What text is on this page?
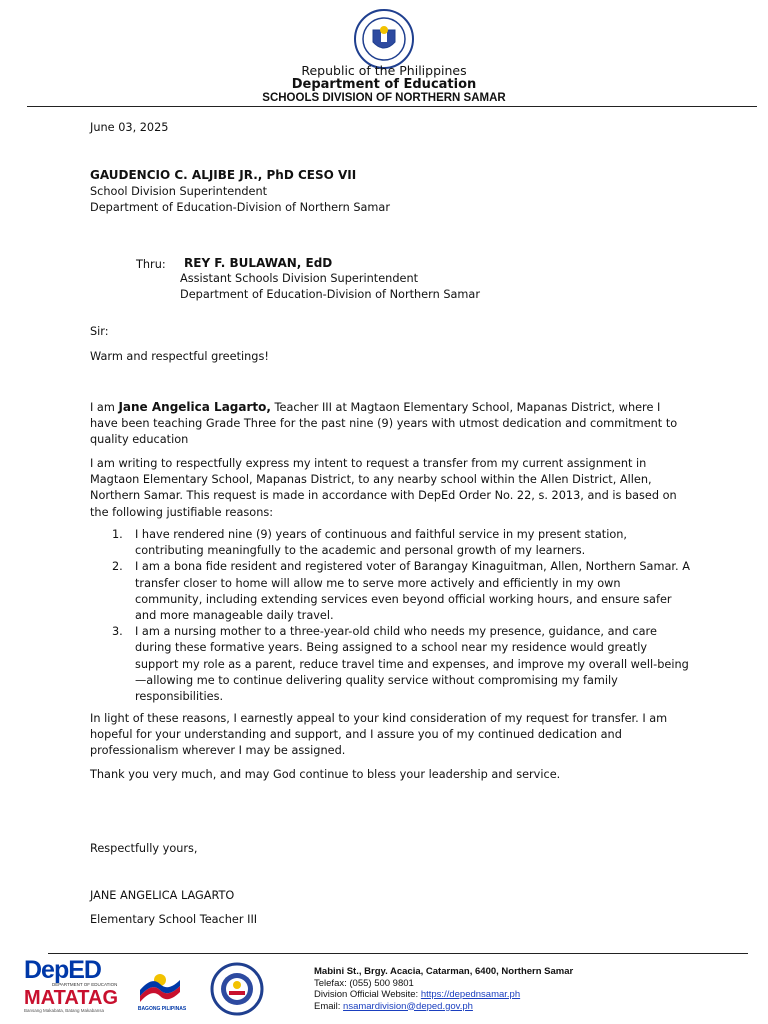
Republic of the Philippines
Department of Education
SCHOOLS DIVISION OF NORTHERN SAMAR
June 03, 2025
GAUDENCIO C. ALJIBE JR., PhD CESO VII
School Division Superintendent
Department of Education-Division of Northern Samar
Thru: REY F. BULAWAN, EdD
Assistant Schools Division Superintendent
Department of Education-Division of Northern Samar
Sir:
Warm and respectful greetings!

I am Jane Angelica Lagarto, Teacher III at Magtaon Elementary School, Mapanas District, where I have been teaching Grade Three for the past nine (9) years with utmost dedication and commitment to quality education

I am writing to respectfully express my intent to request a transfer from my current assignment in Magtaon Elementary School, Mapanas District, to any nearby school within the Allen District, Allen, Northern Samar. This request is made in accordance with DepEd Order No. 22, s. 2013, and is based on the following justifiable reasons:

1. I have rendered nine (9) years of continuous and faithful service in my present station, contributing meaningfully to the academic and personal growth of my learners.
2. I am a bona fide resident and registered voter of Barangay Kinaguitman, Allen, Northern Samar. A transfer closer to home will allow me to serve more actively and efficiently in my own community, including extending services even beyond official working hours, and ensure safer and more manageable daily travel.
3. I am a nursing mother to a three-year-old child who needs my presence, guidance, and care during these formative years. Being assigned to a school near my residence would greatly support my role as a parent, reduce travel time and expenses, and improve my overall well-being—allowing me to continue delivering quality service without compromising my family responsibilities.

In light of these reasons, I earnestly appeal to your kind consideration of my request for transfer. I am hopeful for your understanding and support, and I assure you of my continued dedication and professionalism wherever I may be assigned.

Thank you very much, and may God continue to bless your leadership and service.

Respectfully yours,
JANE ANGELICA LAGARTO
Elementary School Teacher III
DepED
DEPARTMENT OF EDUCATION
MATATAG
Bansang Makabata, Batang Makabansa	BAGONG PILIPINAS
Mabini St., Brgy. Acacia, Catarman, 6400, Northern Samar
Telefax: (055) 500 9801
Division Official Website: https://depednsamar.ph
Email: nsamardivision@deped.gov.ph
